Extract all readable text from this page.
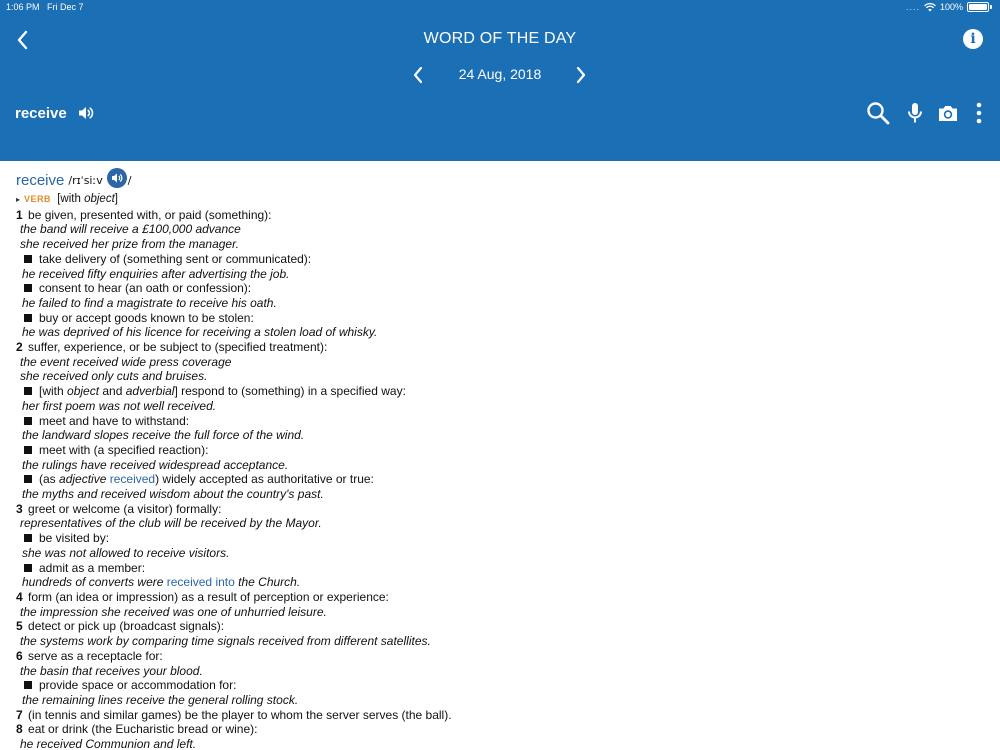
1:06 PM Fri Dec 7	.... 100%
WORD OF THE DAY	i
24 Aug, 2018
receive
receive /rɪˈsiːv /
▸ VERB [with object]
1 be given, presented with, or paid (something):
the band will receive a £100,000 advance
she received her prize from the manager.
take delivery of (something sent or communicated):
he received fifty enquiries after advertising the job.
consent to hear (an oath or confession):
he failed to find a magistrate to receive his oath.
buy or accept goods known to be stolen:
he was deprived of his licence for receiving a stolen load of whisky.
2 suffer, experience, or be subject to (specified treatment):
the event received wide press coverage
she received only cuts and bruises.
[with object and adverbial] respond to (something) in a specified way:
her first poem was not well received.
meet and have to withstand:
the landward slopes receive the full force of the wind.
meet with (a specified reaction):
the rulings have received widespread acceptance.
(as adjective received) widely accepted as authoritative or true:
the myths and received wisdom about the country's past.
3 greet or welcome (a visitor) formally:
representatives of the club will be received by the Mayor.
be visited by:
she was not allowed to receive visitors.
admit as a member:
hundreds of converts were received into the Church.
4 form (an idea or impression) as a result of perception or experience:
the impression she received was one of unhurried leisure.
5 detect or pick up (broadcast signals):
the systems work by comparing time signals received from different satellites.
6 serve as a receptacle for:
the basin that receives your blood.
provide space or accommodation for:
the remaining lines receive the general rolling stock.
7 (in tennis and similar games) be the player to whom the server serves (the ball).
8 eat or drink (the Eucharistic bread or wine):
he received Communion and left.
